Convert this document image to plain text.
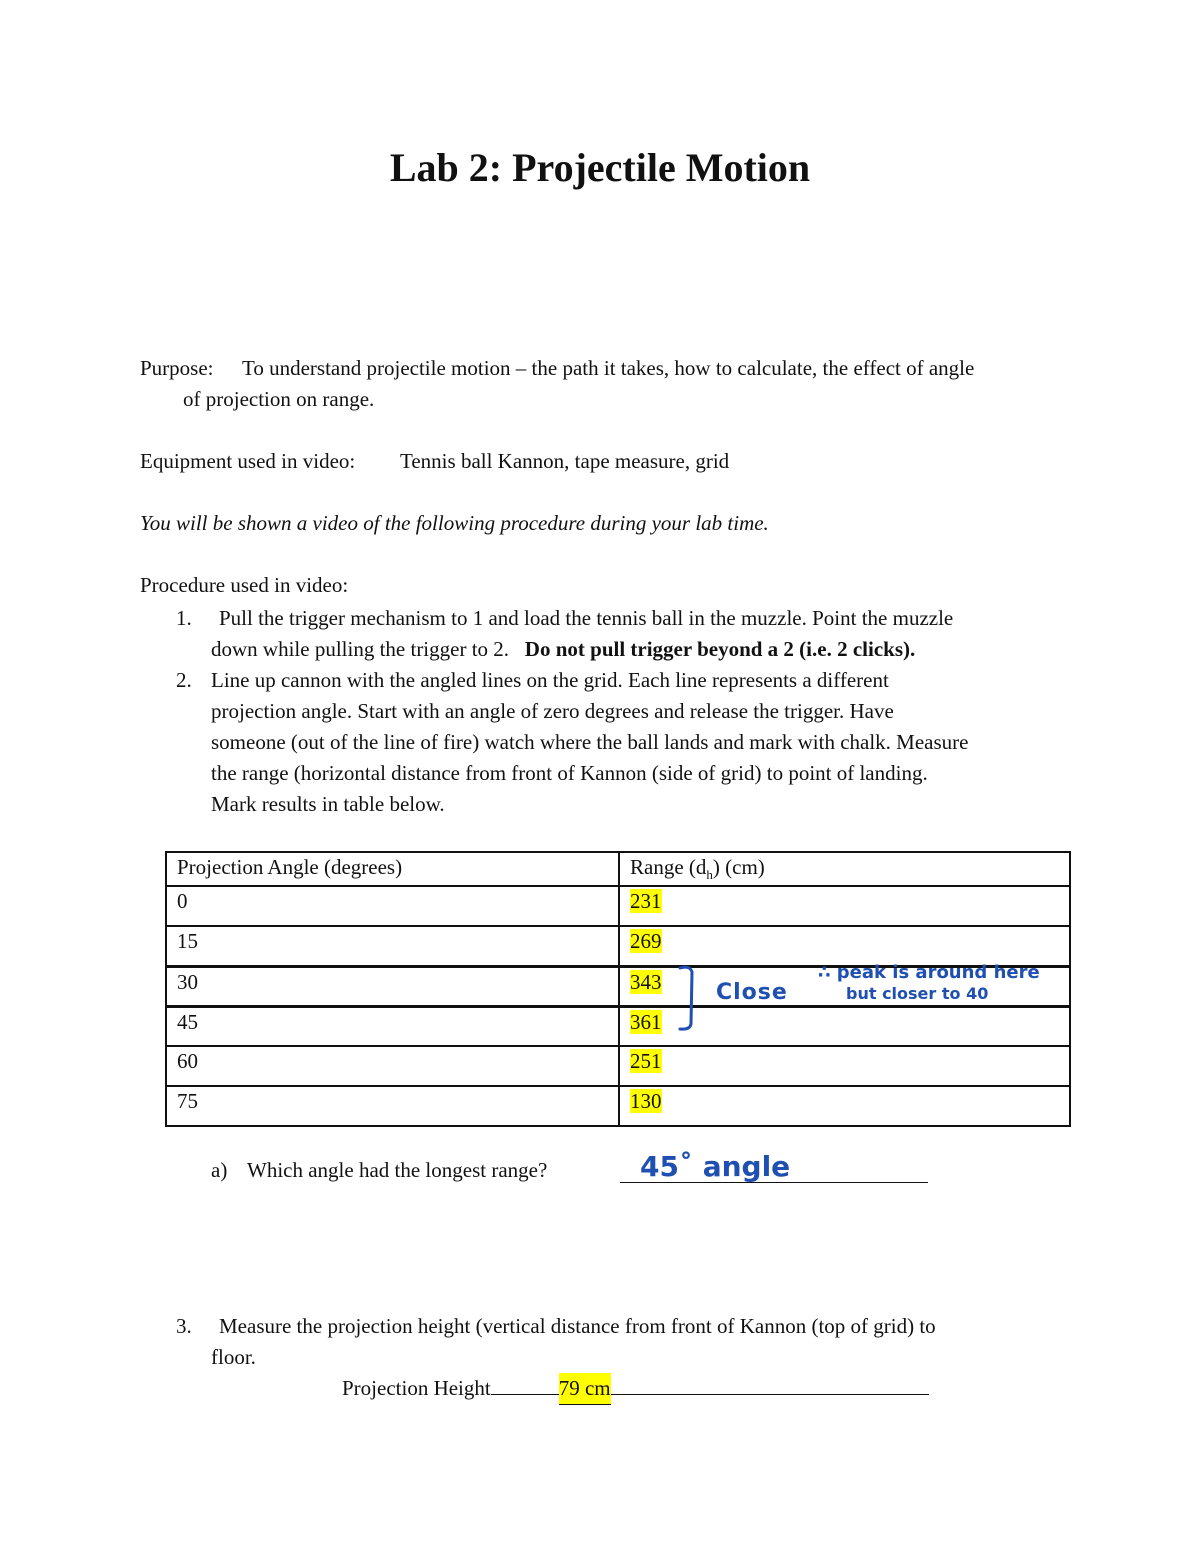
Lab 2: Projectile Motion
Purpose: To understand projectile motion – the path it takes, how to calculate, the effect of angle
of projection on range.
Equipment used in video: Tennis ball Kannon, tape measure, grid
You will be shown a video of the following procedure during your lab time.
Procedure used in video:
1. Pull the trigger mechanism to 1 and load the tennis ball in the muzzle. Point the muzzle
down while pulling the trigger to 2.   Do not pull trigger beyond a 2 (i.e. 2 clicks).
2. Line up cannon with the angled lines on the grid. Each line represents a different
projection angle. Start with an angle of zero degrees and release the trigger. Have
someone (out of the line of fire) watch where the ball lands and mark with chalk. Measure
the range (horizontal distance from front of Kannon (side of grid) to point of landing.
Mark results in table below.
Projection Angle (degrees)	Range $(d_h)$ (cm)
0	231
15	269
30	343
45	361
60	251
75	130
Close
∴ peak is around here
but closer to 40
a) Which angle had the longest range?	45˚ angle
3. Measure the projection height (vertical distance from front of Kannon (top of grid) to
floor.
Projection Height	79 cm
